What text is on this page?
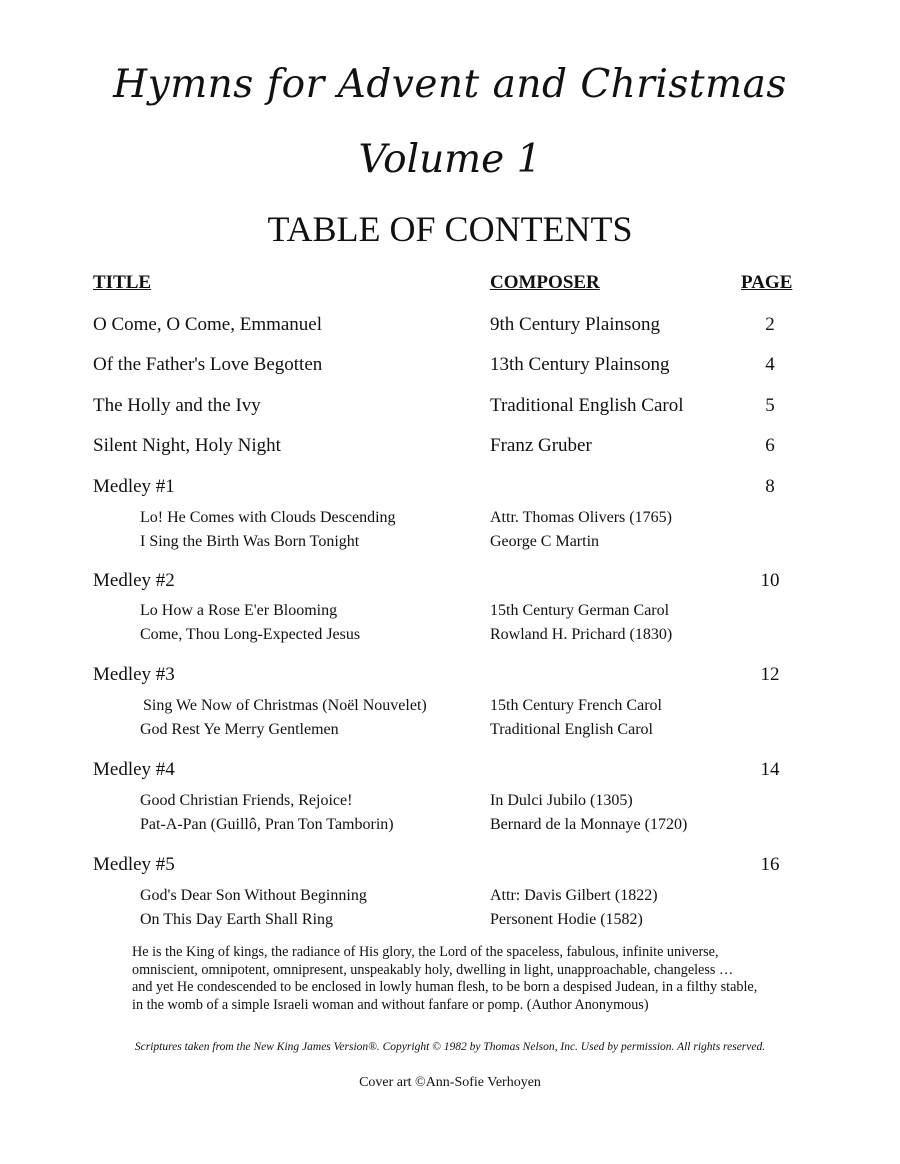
Hymns for Advent and Christmas
Volume 1
TABLE OF CONTENTS
TITLE	COMPOSER	PAGE
O Come, O Come, Emmanuel	9th Century Plainsong	2
Of the Father's Love Begotten	13th Century Plainsong	4
The Holly and the Ivy	Traditional English Carol	5
Silent Night, Holy Night	Franz Gruber	6
Medley #1	8
Lo! He Comes with Clouds Descending	Attr. Thomas Olivers (1765)
I Sing the Birth Was Born Tonight	George C Martin
Medley #2	10
Lo How a Rose E'er Blooming	15th Century German Carol
Come, Thou Long-Expected Jesus	Rowland H. Prichard (1830)
Medley #3	12
Sing We Now of Christmas (Noël Nouvelet)	15th Century French Carol
God Rest Ye Merry Gentlemen	Traditional English Carol
Medley #4	14
Good Christian Friends, Rejoice!	In Dulci Jubilo (1305)
Pat-A-Pan (Guillô, Pran Ton Tamborin)	Bernard de la Monnaye (1720)
Medley #5	16
God's Dear Son Without Beginning	Attr: Davis Gilbert (1822)
On This Day Earth Shall Ring	Personent Hodie (1582)
He is the King of kings, the radiance of His glory, the Lord of the spaceless, fabulous, infinite universe,
omniscient, omnipotent, omnipresent, unspeakably holy, dwelling in light, unapproachable, changeless …
and yet He condescended to be enclosed in lowly human flesh, to be born a despised Judean, in a filthy stable,
in the womb of a simple Israeli woman and without fanfare or pomp. (Author Anonymous)
Scriptures taken from the New King James Version®. Copyright © 1982 by Thomas Nelson, Inc. Used by permission. All rights reserved.
Cover art ©Ann-Sofie Verhoyen
